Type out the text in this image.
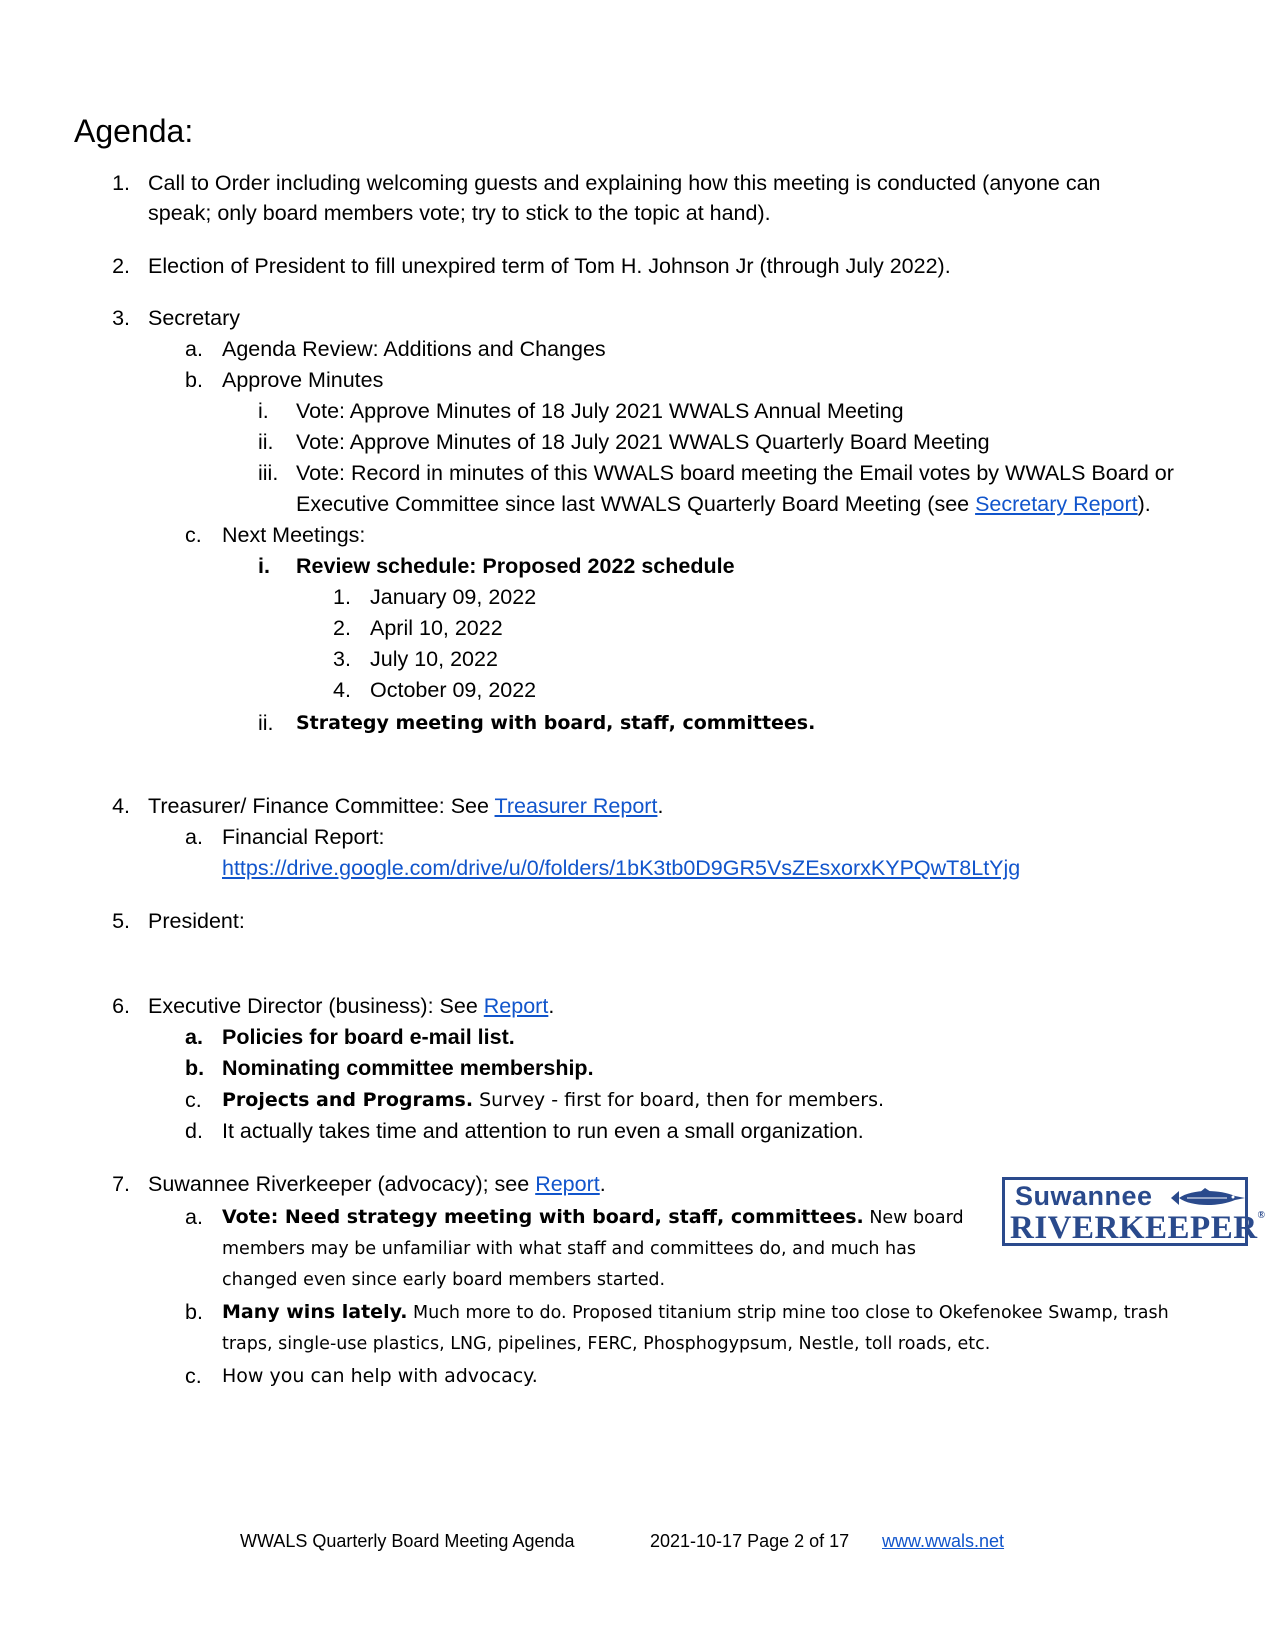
Agenda:
1. Call to Order including welcoming guests and explaining how this meeting is conducted (anyone can
speak; only board members vote; try to stick to the topic at hand).
2. Election of President to fill unexpired term of Tom H. Johnson Jr (through July 2022).
3. Secretary
a. Agenda Review: Additions and Changes
b. Approve Minutes
i. Vote: Approve Minutes of 18 July 2021 WWALS Annual Meeting
ii. Vote: Approve Minutes of 18 July 2021 WWALS Quarterly Board Meeting
iii. Vote: Record in minutes of this WWALS board meeting the Email votes by WWALS Board or
Executive Committee since last WWALS Quarterly Board Meeting (see Secretary Report).
c. Next Meetings:
i. Review schedule: Proposed 2022 schedule
1. January 09, 2022
2. April 10, 2022
3. July 10, 2022
4. October 09, 2022
ii. Strategy meeting with board, staff, committees.
4. Treasurer/ Finance Committee: See Treasurer Report.
a. Financial Report:
https://drive.google.com/drive/u/0/folders/1bK3tb0D9GR5VsZEsxorxKYPQwT8LtYjg
5. President:
6. Executive Director (business): See Report.
a. Policies for board e-mail list.
b. Nominating committee membership.
c. Projects and Programs. Survey - first for board, then for members.
d. It actually takes time and attention to run even a small organization.
7. Suwannee Riverkeeper (advocacy); see Report.
a. Vote: Need strategy meeting with board, staff, committees. New board
members may be unfamiliar with what staff and committees do, and much has
changed even since early board members started.
b. Many wins lately. Much more to do. Proposed titanium strip mine too close to Okefenokee Swamp, trash
traps, single-use plastics, LNG, pipelines, FERC, Phosphogypsum, Nestle, toll roads, etc.
c. How you can help with advocacy.
Suwannee
RIVERKEEPER®
WWALS Quarterly Board Meeting Agenda	2021-10-17 Page 2 of 17 www.wwals.net
